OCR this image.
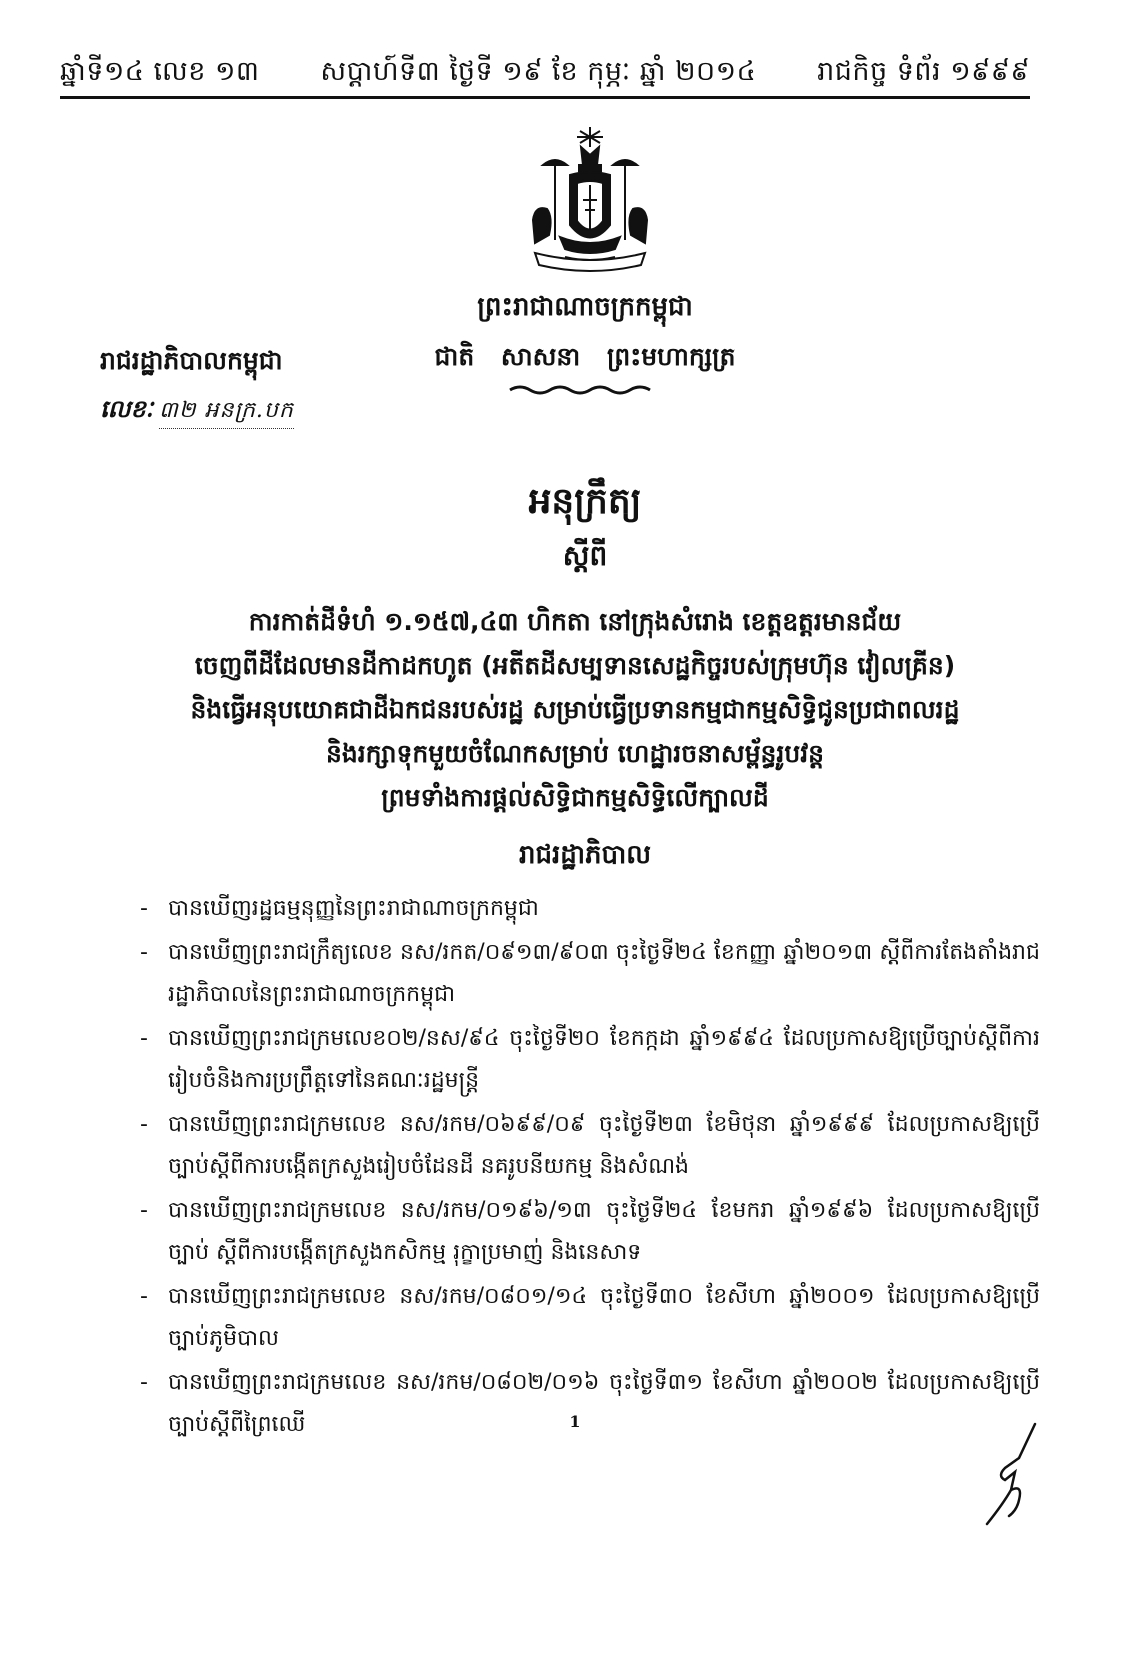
ឆ្នាំទី១៤ លេខ ១៣ សប្តាហ៍ទី៣ ថ្ងៃទី ១៩ ខែ កុម្ភៈ ឆ្នាំ ២០១៤ រាជកិច្ច ទំព័រ ១៩៩៩
ព្រះរាជាណាចក្រកម្ពុជា
ជាតិ សាសនា ព្រះមហាក្សត្រ
រាជរដ្ឋាភិបាលកម្ពុជា
លេខៈ ៣២ អនក្រ.បក
អនុក្រឹត្យ
ស្តីពី
ការកាត់ដីទំហំ ១.១៥៧,៤៣ ហិកតា នៅក្រុងសំរោង ខេត្តឧត្តរមានជ័យ
ចេញពីដីដែលមានដីកាដកហូត (អតីតដីសម្បទានសេដ្ឋកិច្ចរបស់ក្រុមហ៊ុន វៀលគ្រីន)
និងធ្វើអនុបយោគជាដីឯកជនរបស់រដ្ឋ សម្រាប់ធ្វើប្រទានកម្មជាកម្មសិទ្ធិជូនប្រជាពលរដ្ឋ
និងរក្សាទុកមួយចំណែកសម្រាប់ ហេដ្ឋារចនាសម្ព័ន្ធរូបវន្ត
ព្រមទាំងការផ្តល់សិទ្ធិជាកម្មសិទ្ធិលើក្បាលដី
រាជរដ្ឋាភិបាល
- បានឃើញរដ្ឋធម្មនុញ្ញនៃព្រះរាជាណាចក្រកម្ពុជា
- បានឃើញព្រះរាជក្រឹត្យលេខ នស/រកត/០៩១៣/៩០៣ ចុះថ្ងៃទី២៤ ខែកញ្ញា ឆ្នាំ២០១៣ ស្តីពីការតែងតាំងរាជរដ្ឋាភិបាលនៃព្រះរាជាណាចក្រកម្ពុជា
- បានឃើញព្រះរាជក្រមលេខ០២/នស/៩៤ ចុះថ្ងៃទី២០ ខែកក្កដា ឆ្នាំ១៩៩៤ ដែលប្រកាសឱ្យប្រើច្បាប់ស្តីពីការរៀបចំនិងការប្រព្រឹត្តទៅនៃគណៈរដ្ឋមន្ត្រី
- បានឃើញព្រះរាជក្រមលេខ នស/រកម/០៦៩៩/០៩ ចុះថ្ងៃទី២៣ ខែមិថុនា ឆ្នាំ១៩៩៩ ដែលប្រកាសឱ្យប្រើច្បាប់ស្តីពីការបង្កើតក្រសួងរៀបចំដែនដី នគរូបនីយកម្ម និងសំណង់
- បានឃើញព្រះរាជក្រមលេខ នស/រកម/០១៩៦/១៣ ចុះថ្ងៃទី២៤ ខែមករា ឆ្នាំ១៩៩៦ ដែលប្រកាសឱ្យប្រើច្បាប់ ស្តីពីការបង្កើតក្រសួងកសិកម្ម រុក្ខាប្រមាញ់ និងនេសាទ
- បានឃើញព្រះរាជក្រមលេខ នស/រកម/០៨០១/១៤ ចុះថ្ងៃទី៣០ ខែសីហា ឆ្នាំ២០០១ ដែលប្រកាសឱ្យប្រើច្បាប់ភូមិបាល
- បានឃើញព្រះរាជក្រមលេខ នស/រកម/០៨០២/០១៦ ចុះថ្ងៃទី៣១ ខែសីហា ឆ្នាំ២០០២ ដែលប្រកាសឱ្យប្រើច្បាប់ស្តីពីព្រៃឈើ	1
